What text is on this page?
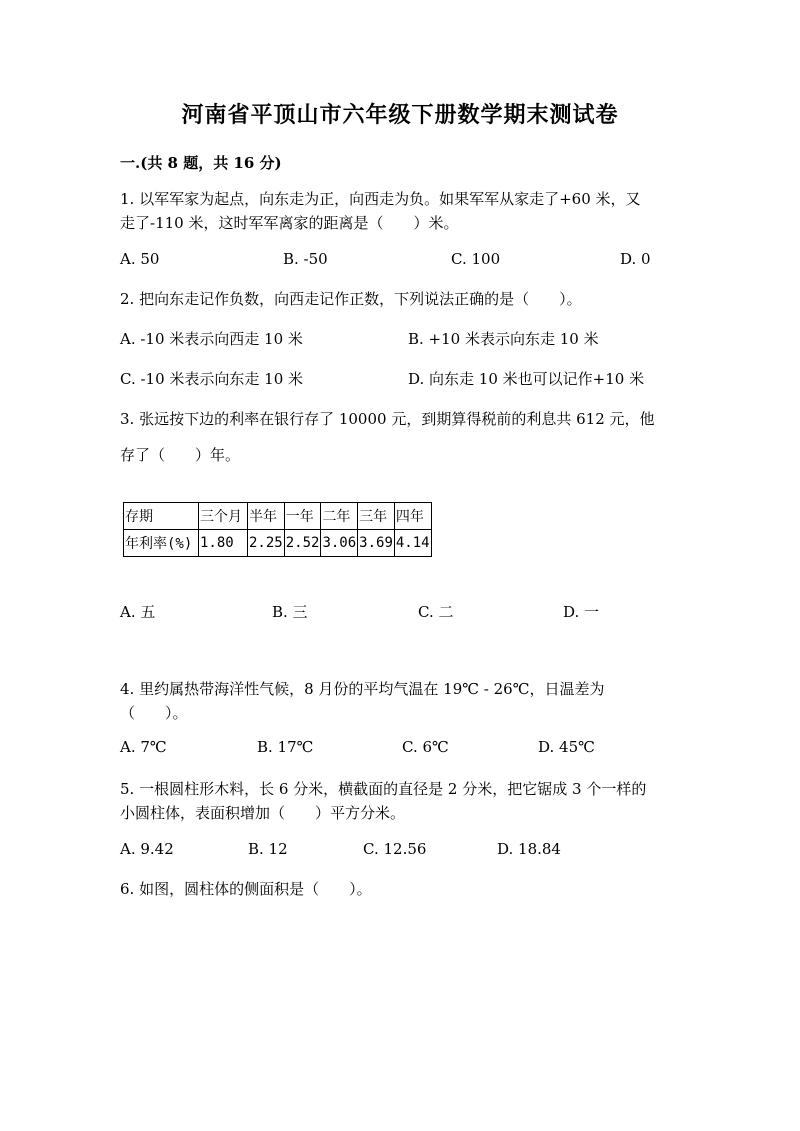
河南省平顶山市六年级下册数学期末测试卷
一.(共 8 题，共 16 分)
1. 以军军家为起点，向东走为正，向西走为负。如果军军从家走了+60 米，又
走了-110 米，这时军军离家的距离是（　　）米。
A. 50	B. -50	C. 100	D. 0
2. 把向东走记作负数，向西走记作正数，下列说法正确的是（　　）。
A. -10 米表示向西走 10 米	B. +10 米表示向东走 10 米
C. -10 米表示向东走 10 米	D. 向东走 10 米也可以记作+10 米
3. 张远按下边的利率在银行存了 10000 元，到期算得税前的利息共 612 元，他
存了（　　）年。
存期	三个月	半年	一年	二年	三年	四年
年利率(%)	1.80	2.25	2.52	3.06	3.69	4.14
A. 五	B. 三	C. 二	D. 一
4. 里约属热带海洋性气候，8 月份的平均气温在 19℃ - 26℃，日温差为
（　　）。
A. 7℃	B. 17℃	C. 6℃	D. 45℃
5. 一根圆柱形木料，长 6 分米，横截面的直径是 2 分米，把它锯成 3 个一样的
小圆柱体，表面积增加（　　）平方分米。
A. 9.42	B. 12	C. 12.56	D. 18.84
6. 如图，圆柱体的侧面积是（　　）。
